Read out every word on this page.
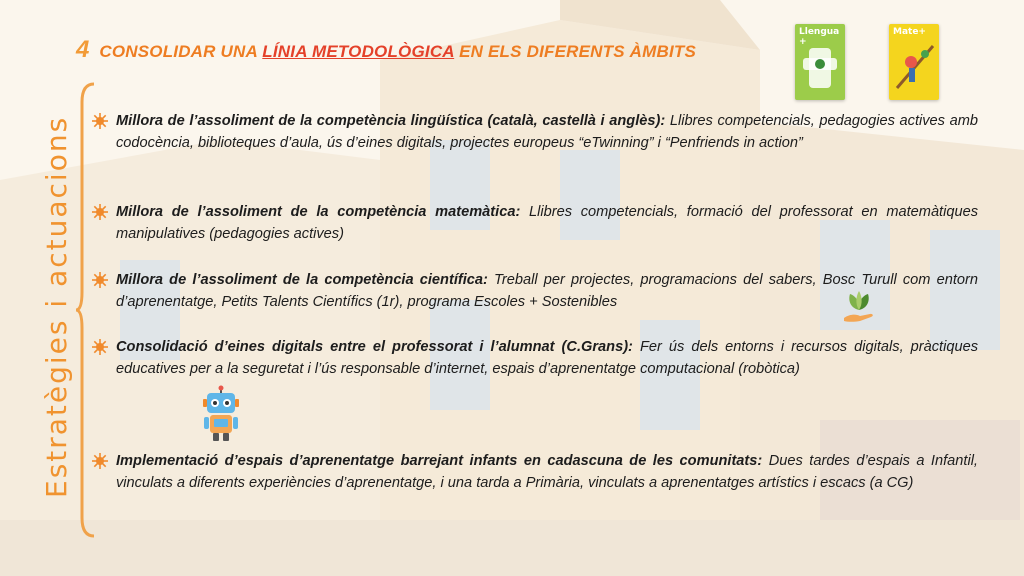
4 CONSOLIDAR UNA LÍNIA METODOLÒGICA EN ELS DIFERENTS ÀMBITS
Llengua +
Mate+
Estratègies i actuacions	Millora de l’assoliment de la competència lingüística (català, castellà i anglès): Llibres competencials, pedagogies actives amb codocència, biblioteques d’aula, ús d’eines digitals, projectes europeus “eTwinning” i “Penfriends in action”
Millora de l’assoliment de la competència matemàtica: Llibres competencials, formació del professorat en matemàtiques manipulatives (pedagogies actives)
Millora de l’assoliment de la competència científica: Treball per projectes, programacions del sabers, Bosc Turull com entorn d’aprenentatge, Petits Talents Científics (1r), programa Escoles + Sostenibles
Consolidació d’eines digitals entre el professorat i l’alumnat (C.Grans): Fer ús dels entorns i recursos digitals, pràctiques educatives per a la seguretat i l’ús responsable d’internet, espais d’aprenentatge computacional (robòtica)
Implementació d’espais d’aprenentatge barrejant infants en cadascuna de les comunitats: Dues tardes d’espais a Infantil, vinculats a diferents experiències d’aprenentatge, i una tarda a Primària, vinculats a aprenentatges artístics i escacs (a CG)
